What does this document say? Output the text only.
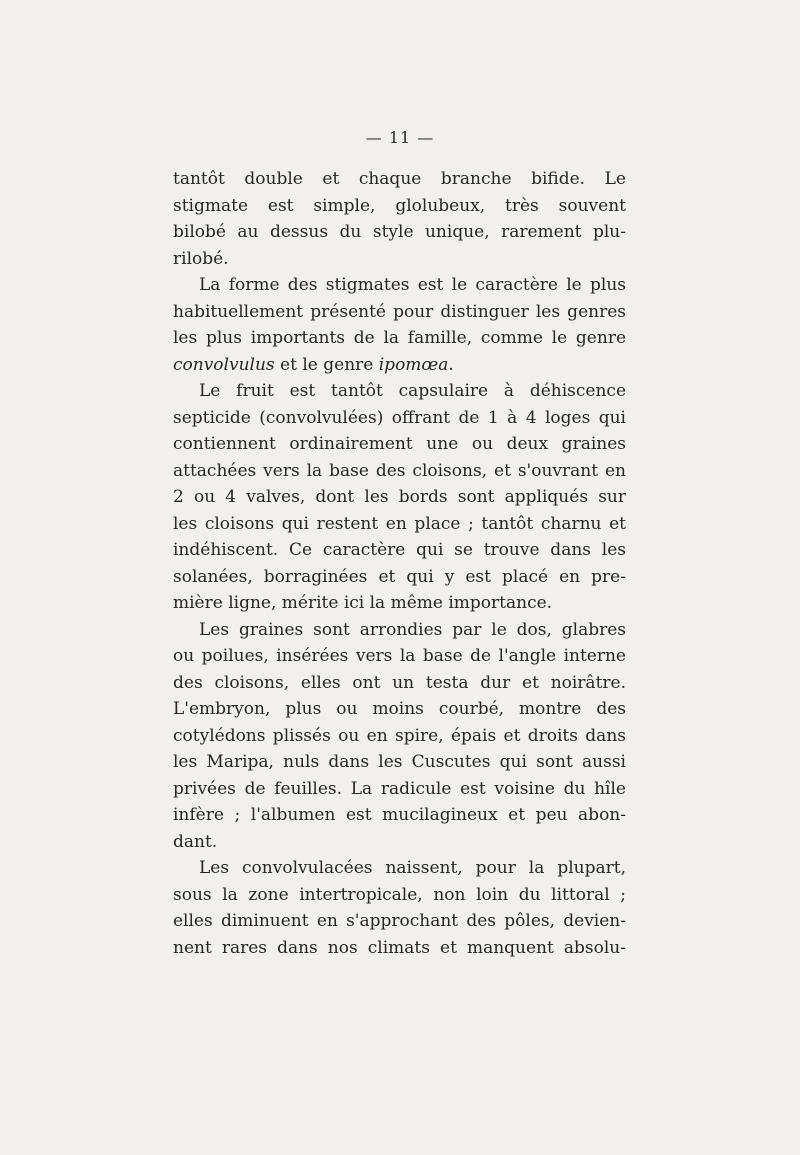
— 11 —
tantôt double et chaque branche bifide. Le
stigmate est simple, glolubeux, très souvent
bilobé au dessus du style unique, rarement plu-
rilobé.
La forme des stigmates est le caractère le plus
habituellement présenté pour distinguer les genres
les plus importants de la famille, comme le genre
convolvulus et le genre ipomœa.
Le fruit est tantôt capsulaire à déhiscence
septicide (convolvulées) offrant de 1 à 4 loges qui
contiennent ordinairement une ou deux graines
attachées vers la base des cloisons, et s'ouvrant en
2 ou 4 valves, dont les bords sont appliqués sur
les cloisons qui restent en place ; tantôt charnu et
indéhiscent. Ce caractère qui se trouve dans les
solanées, borraginées et qui y est placé en pre-
mière ligne, mérite ici la même importance.
Les graines sont arrondies par le dos, glabres
ou poilues, insérées vers la base de l'angle interne
des cloisons, elles ont un testa dur et noirâtre.
L'embryon, plus ou moins courbé, montre des
cotylédons plissés ou en spire, épais et droits dans
les Maripa, nuls dans les Cuscutes qui sont aussi
privées de feuilles. La radicule est voisine du hîle
infère ; l'albumen est mucilagineux et peu abon-
dant.
Les convolvulacées naissent, pour la plupart,
sous la zone intertropicale, non loin du littoral ;
elles diminuent en s'approchant des pôles, devien-
nent rares dans nos climats et manquent absolu-
